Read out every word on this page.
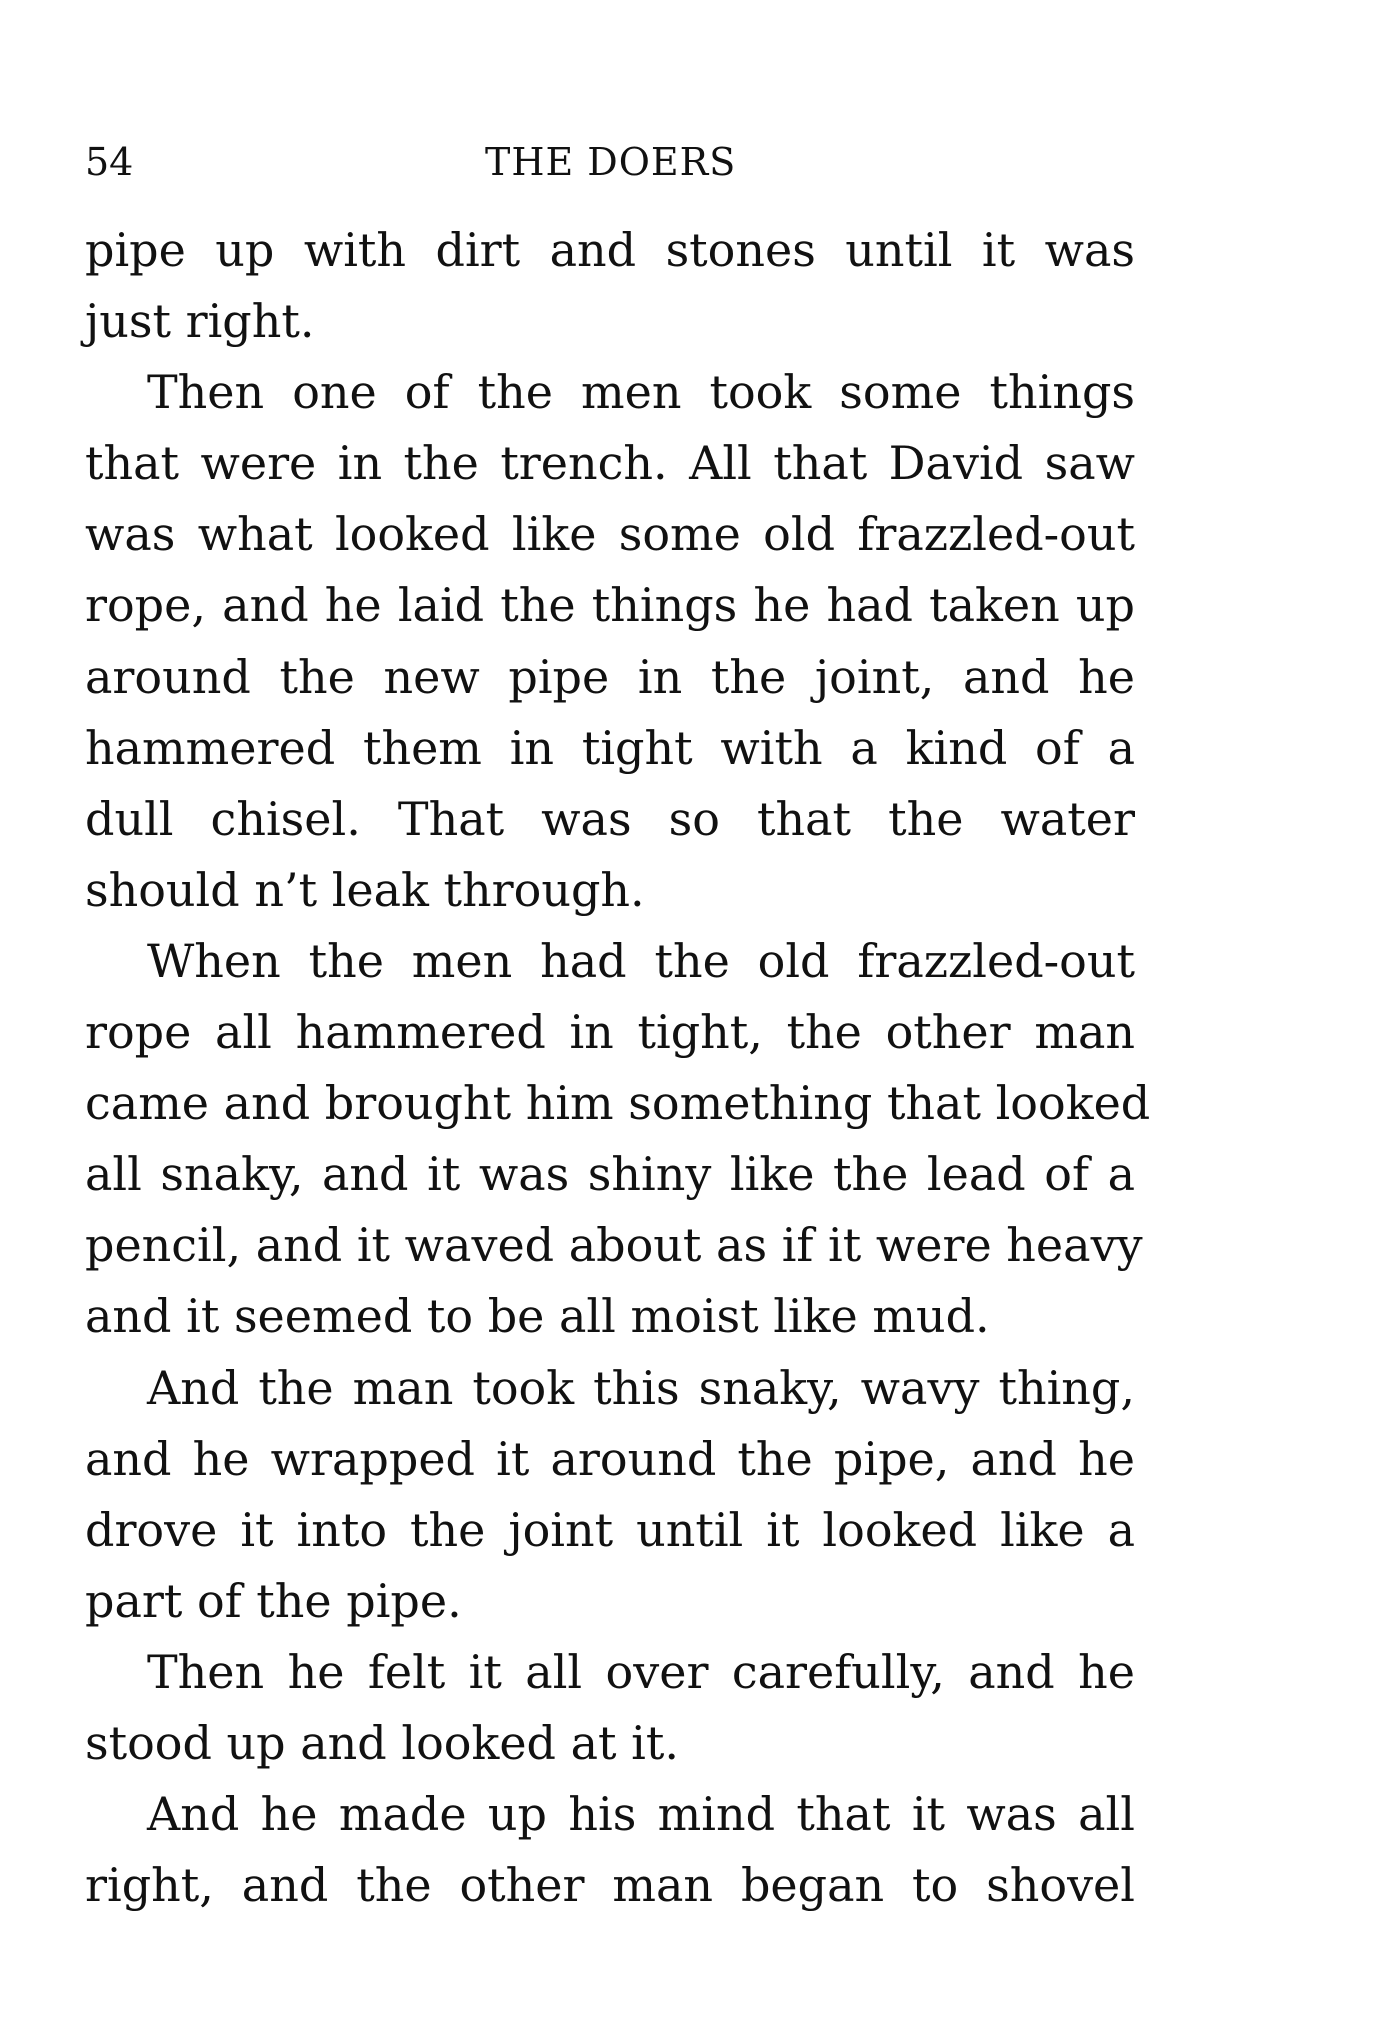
54	THE DOERS
pipe up with dirt and stones until it was
just right.
Then one of the men took some things
that were in the trench. All that David saw
was what looked like some old frazzled-out
rope, and he laid the things he had taken up
around the new pipe in the joint, and he
hammered them in tight with a kind of a
dull chisel. That was so that the water
should n’t leak through.
When the men had the old frazzled-out
rope all hammered in tight, the other man
came and brought him something that looked
all snaky, and it was shiny like the lead of a
pencil, and it waved about as if it were heavy
and it seemed to be all moist like mud.
And the man took this snaky, wavy thing,
and he wrapped it around the pipe, and he
drove it into the joint until it looked like a
part of the pipe.
Then he felt it all over carefully, and he
stood up and looked at it.
And he made up his mind that it was all
right, and the other man began to shovel
